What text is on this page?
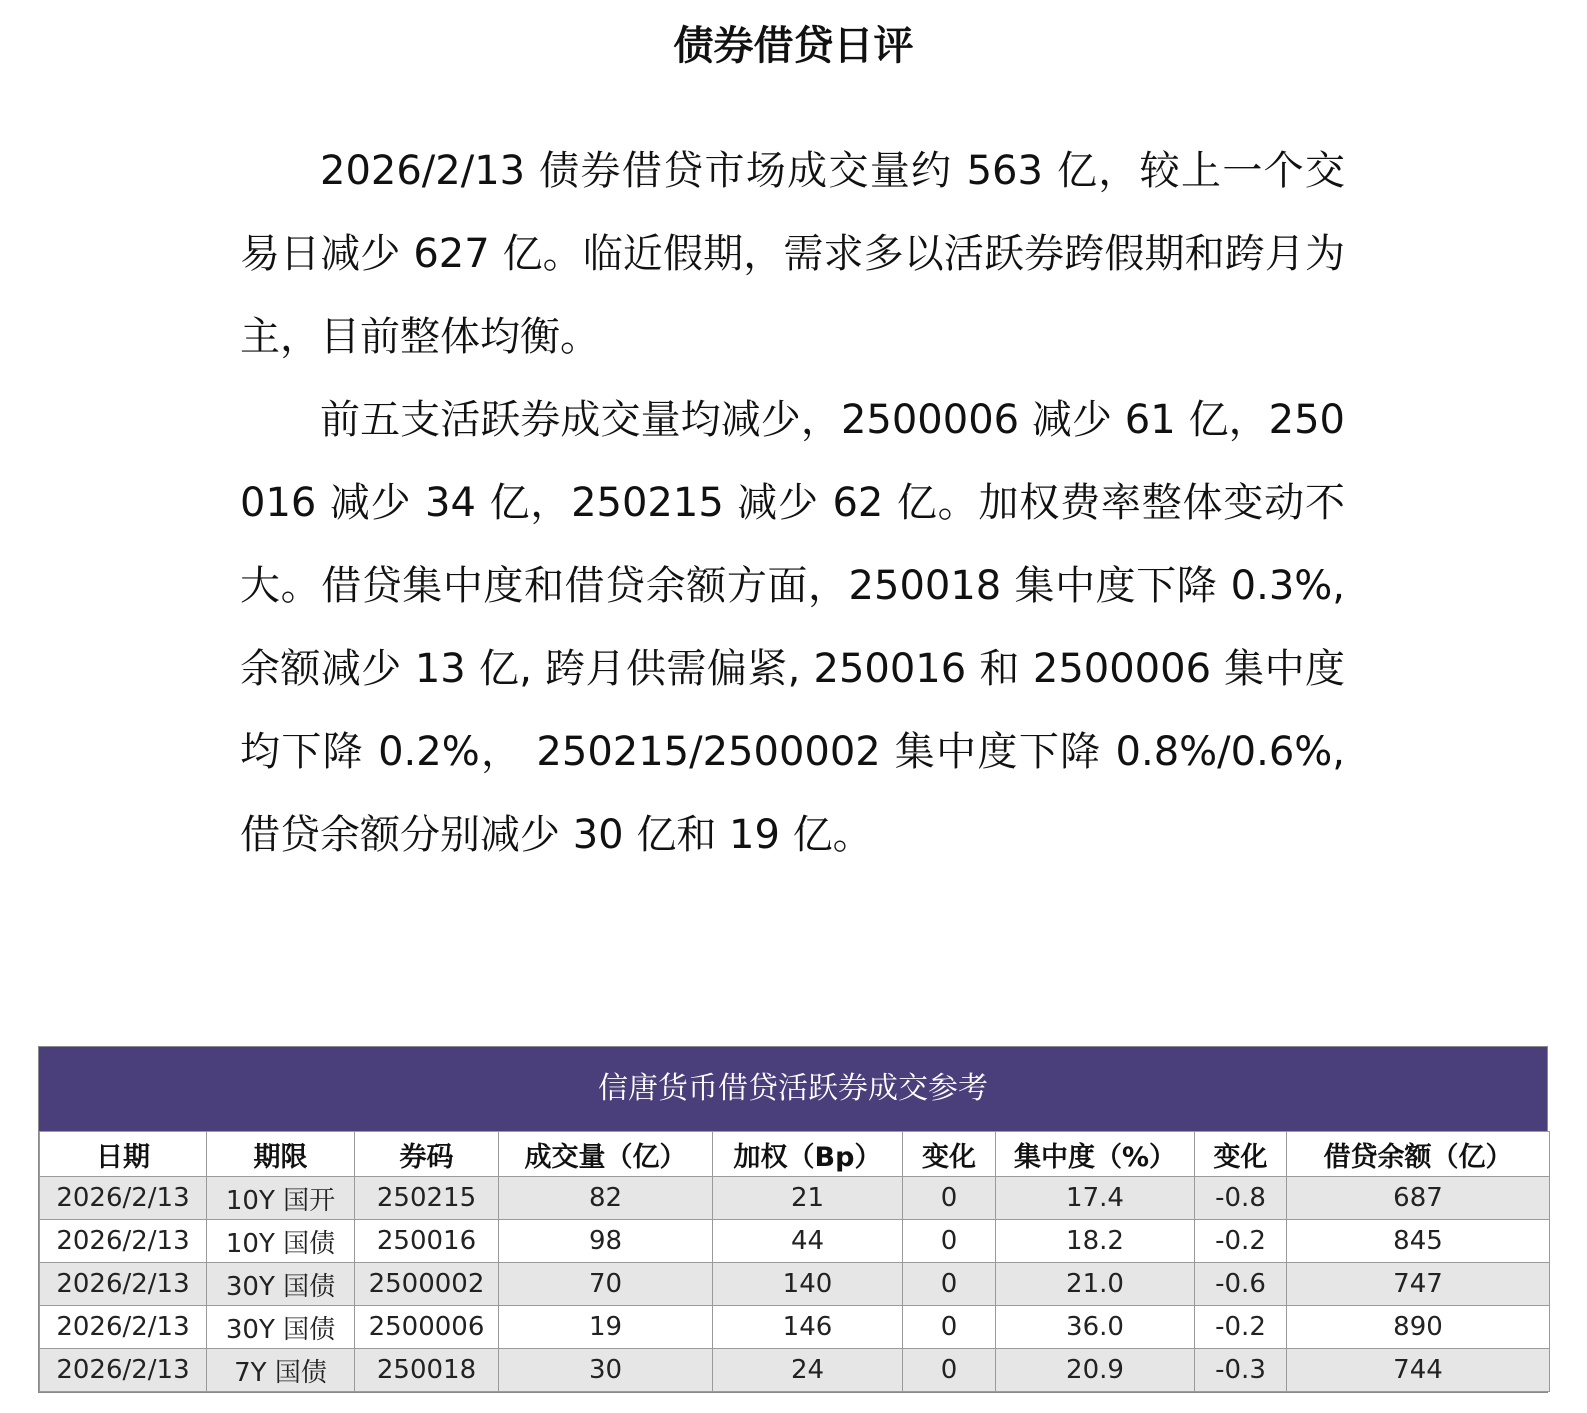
债券借贷日评

2026/2/13 债券借贷市场成交量约 563 亿，较上一个交易日减少 627 亿。临近假期，需求多以活跃券跨假期和跨月为主，目前整体均衡。

前五支活跃券成交量均减少，2500006 减少 61 亿，250016 减少 34 亿，250215 减少 62 亿。加权费率整体变动不大。借贷集中度和借贷余额方面，250018 集中度下降 0.3%, 余额减少 13 亿, 跨月供需偏紧, 250016 和 2500006 集中度均下降 0.2%， 250215/2500002 集中度下降 0.8%/0.6%,借贷余额分别减少 30 亿和 19 亿。

信唐货币借贷活跃券成交参考
日期	期限	券码	成交量（亿）	加权（Bp）	变化	集中度（%）	变化	借贷余额（亿）
2026/2/13	10Y 国开	250215	82	21	0	17.4	-0.8	687
2026/2/13	10Y 国债	250016	98	44	0	18.2	-0.2	845
2026/2/13	30Y 国债	2500002	70	140	0	21.0	-0.6	747
2026/2/13	30Y 国债	2500006	19	146	0	36.0	-0.2	890
2026/2/13	7Y 国债	250018	30	24	0	20.9	-0.3	744
